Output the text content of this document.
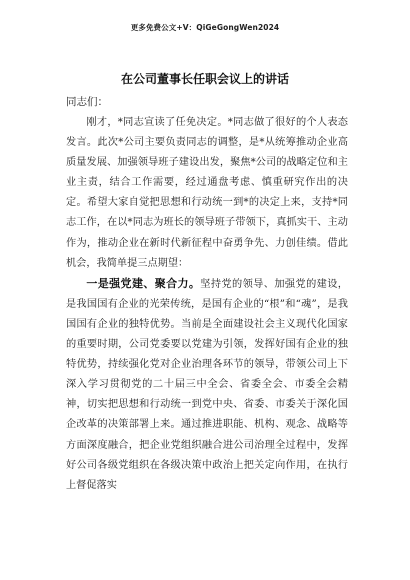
更多免费公文+V：QiGeGongWen2024
在公司董事长任职会议上的讲话
同志们：

刚才，*同志宣读了任免决定。*同志做了很好的个人表态发言。此次*公司主要负责同志的调整，是*从统筹推动企业高质量发展、加强领导班子建设出发，聚焦*公司的战略定位和主业主责，结合工作需要，经过通盘考虑、慎重研究作出的决定。希望大家自觉把思想和行动统一到*的决定上来，支持*同志工作，在以*同志为班长的领导班子带领下，真抓实干、主动作为，推动企业在新时代新征程中奋勇争先、力创佳绩。借此机会，我简单提三点期望：

一是强党建、聚合力。坚持党的领导、加强党的建设，是我国国有企业的光荣传统，是国有企业的“根”和“魂”，是我国国有企业的独特优势。当前是全面建设社会主义现代化国家的重要时期，公司党委要以党建为引领，发挥好国有企业的独特优势，持续强化党对企业治理各环节的领导，带领公司上下深入学习贯彻党的二十届三中全会、省委全会、市委全会精神，切实把思想和行动统一到党中央、省委、市委关于深化国企改革的决策部署上来。通过推进职能、机构、观念、战略等方面深度融合，把企业党组织融合进公司治理全过程中，发挥好公司各级党组织在各级决策中政治上把关定向作用，在执行上督促落实
